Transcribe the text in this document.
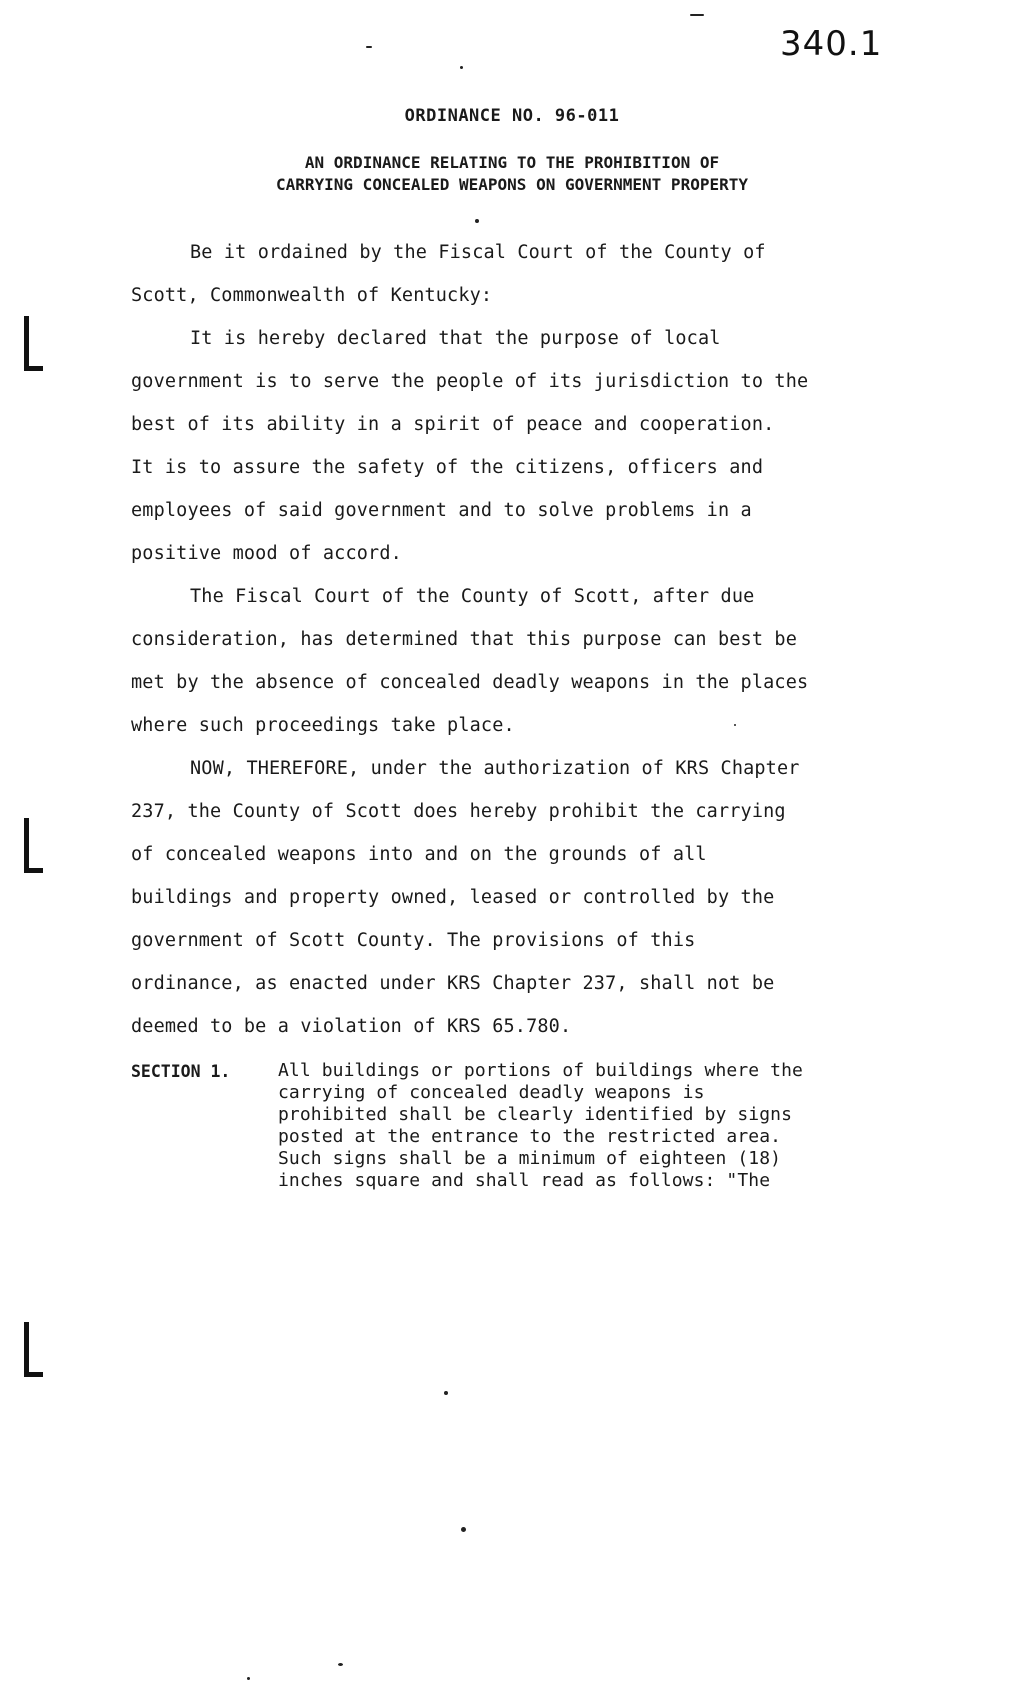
340.1
ORDINANCE NO. 96-011
AN ORDINANCE RELATING TO THE PROHIBITION OF
CARRYING CONCEALED WEAPONS ON GOVERNMENT PROPERTY
Be it ordained by the Fiscal Court of the County of
Scott, Commonwealth of Kentucky:
It is hereby declared that the purpose of local
government is to serve the people of its jurisdiction to the
best of its ability in a spirit of peace and cooperation.
It is to assure the safety of the citizens, officers and
employees of said government and to solve problems in a
positive mood of accord.
The Fiscal Court of the County of Scott, after due
consideration, has determined that this purpose can best be
met by the absence of concealed deadly weapons in the places
where such proceedings take place.
NOW, THEREFORE, under the authorization of KRS Chapter
237, the County of Scott does hereby prohibit the carrying
of concealed weapons into and on the grounds of all
buildings and property owned, leased or controlled by the
government of Scott County. The provisions of this
ordinance, as enacted under KRS Chapter 237, shall not be
deemed to be a violation of KRS 65.780.
SECTION 1.	All buildings or portions of buildings where the
carrying of concealed deadly weapons is
prohibited shall be clearly identified by signs
posted at the entrance to the restricted area.
Such signs shall be a minimum of eighteen (18)
inches square and shall read as follows: "The
